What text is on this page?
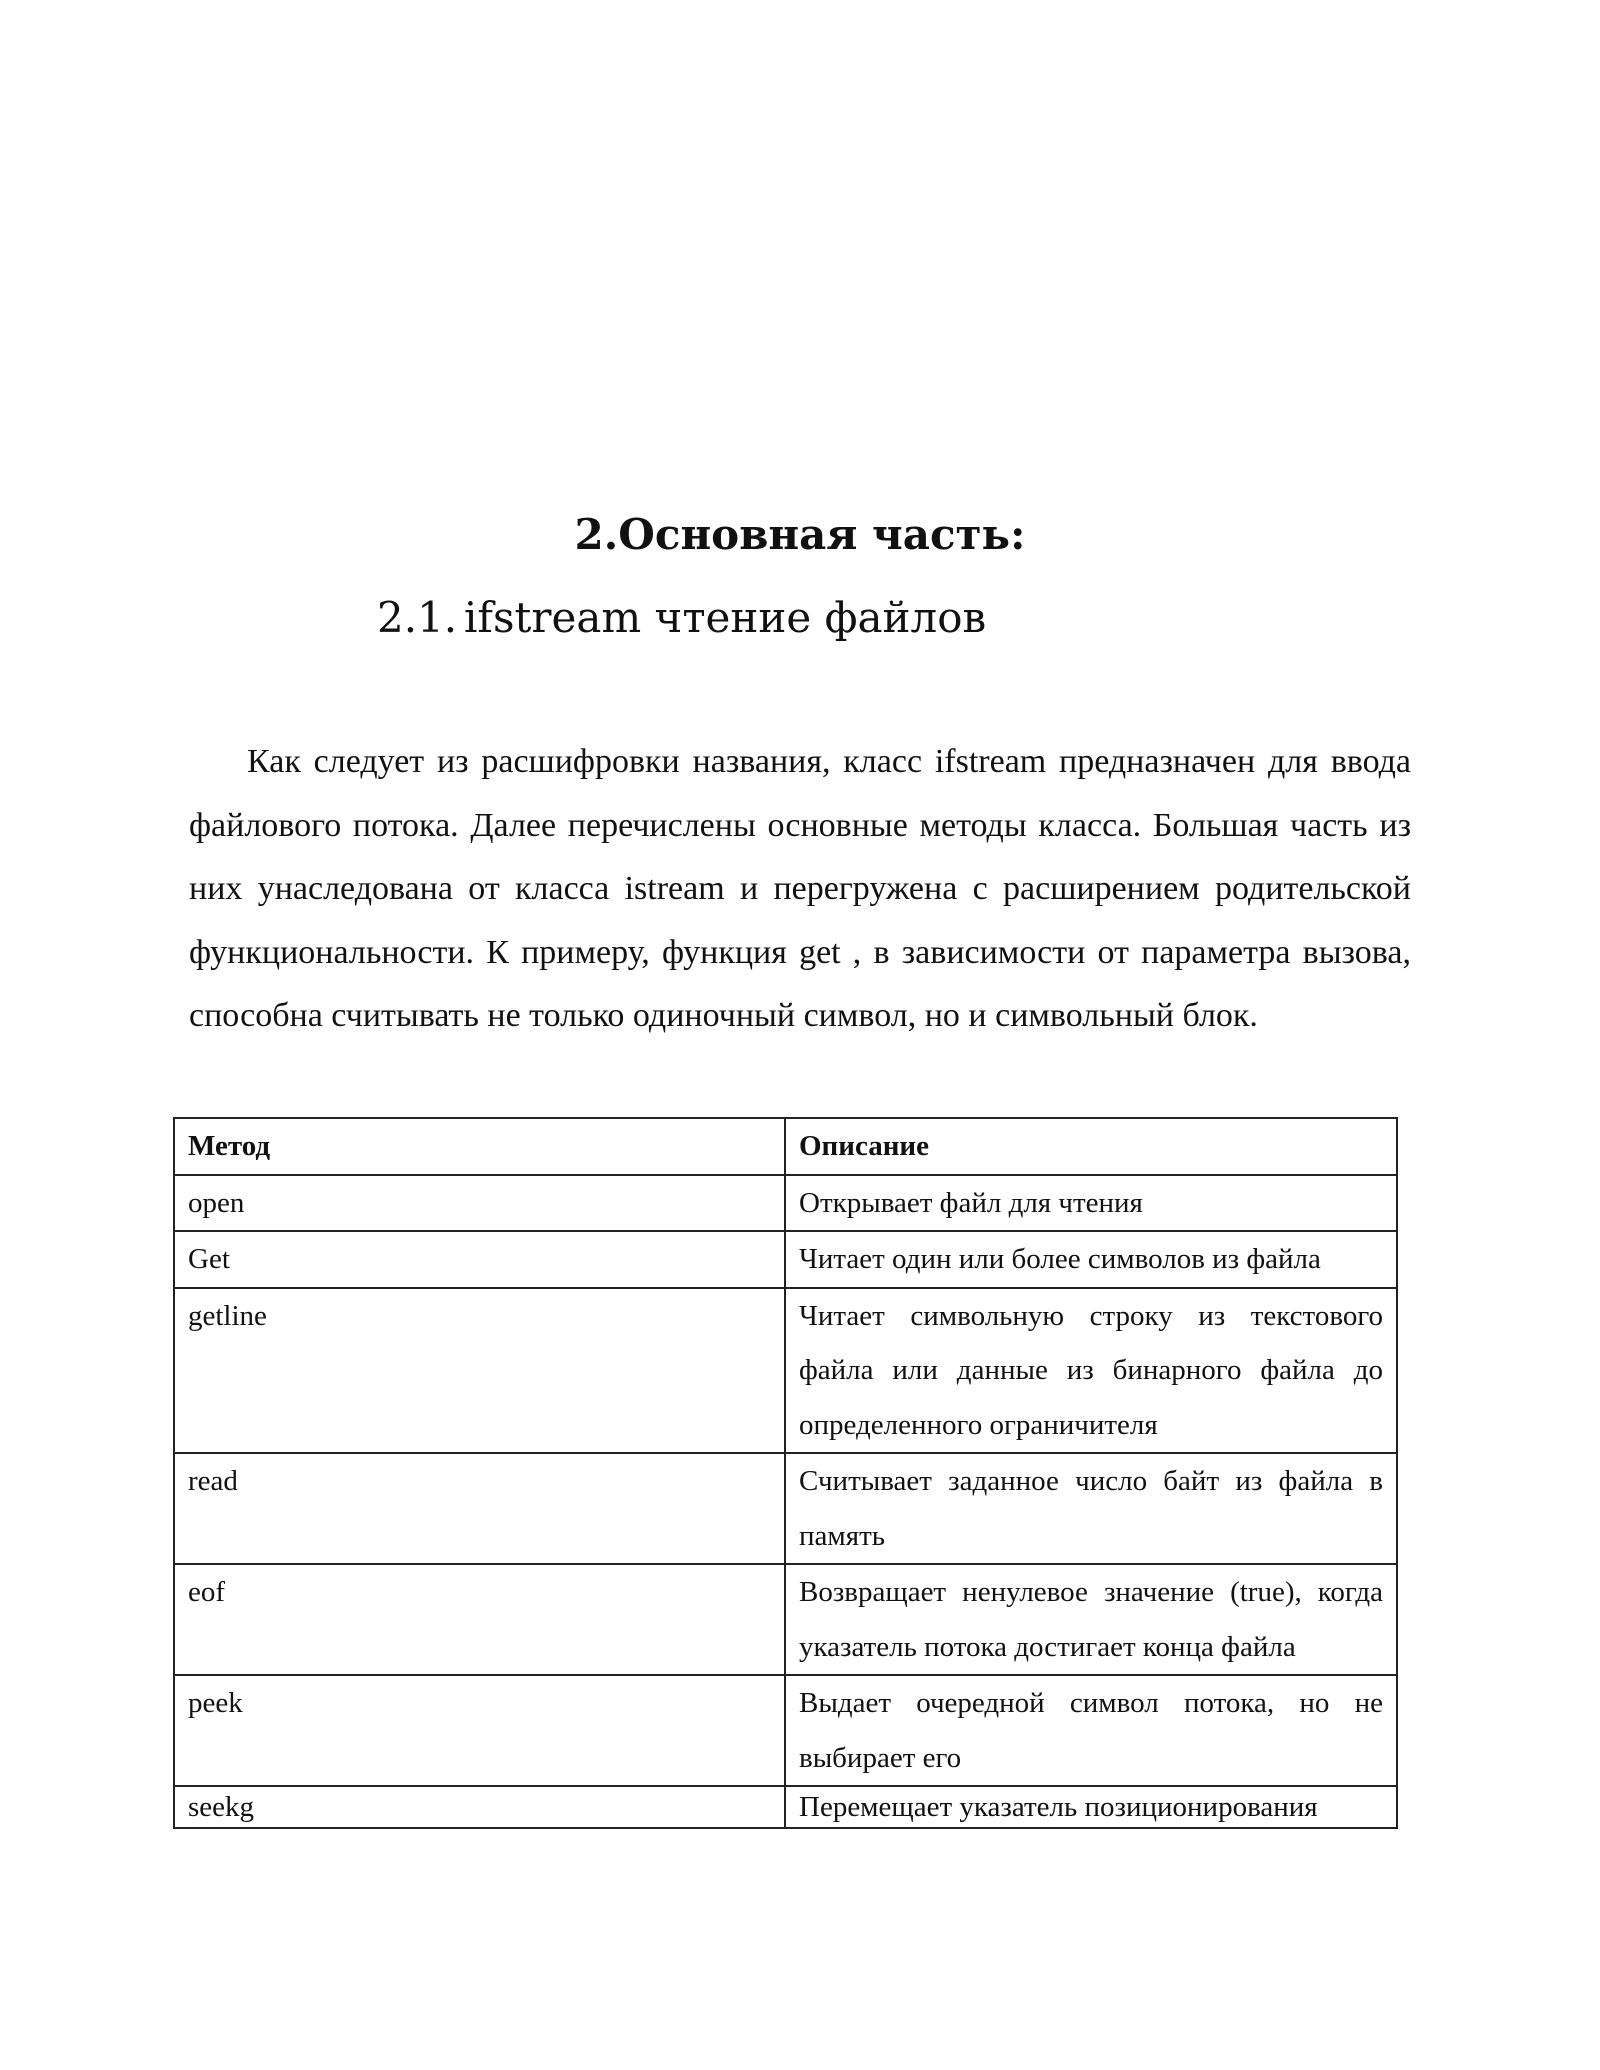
2.Основная часть:
2.1. ifstream чтение файлов

Как следует из расшифровки названия, класс ifstream предназначен для ввода файлового потока. Далее перечислены основные методы класса. Большая часть из них унаследована от класса istream и перегружена с расширением родительской функциональности. К примеру, функция get , в зависимости от параметра вызова, способна считывать не только одиночный символ, но и символьный блок.

Метод	Описание
open	Открывает файл для чтения
Get	Читает один или более символов из файла
getline	Читает символьную строку из текстового файла или данные из бинарного файла до определенного ограничителя
read	Считывает заданное число байт из файла в память
eof	Возвращает ненулевое значение (true), когда указатель потока достигает конца файла
peek	Выдает очередной символ потока, но не выбирает его
seekg	Перемещает указатель позиционирования
